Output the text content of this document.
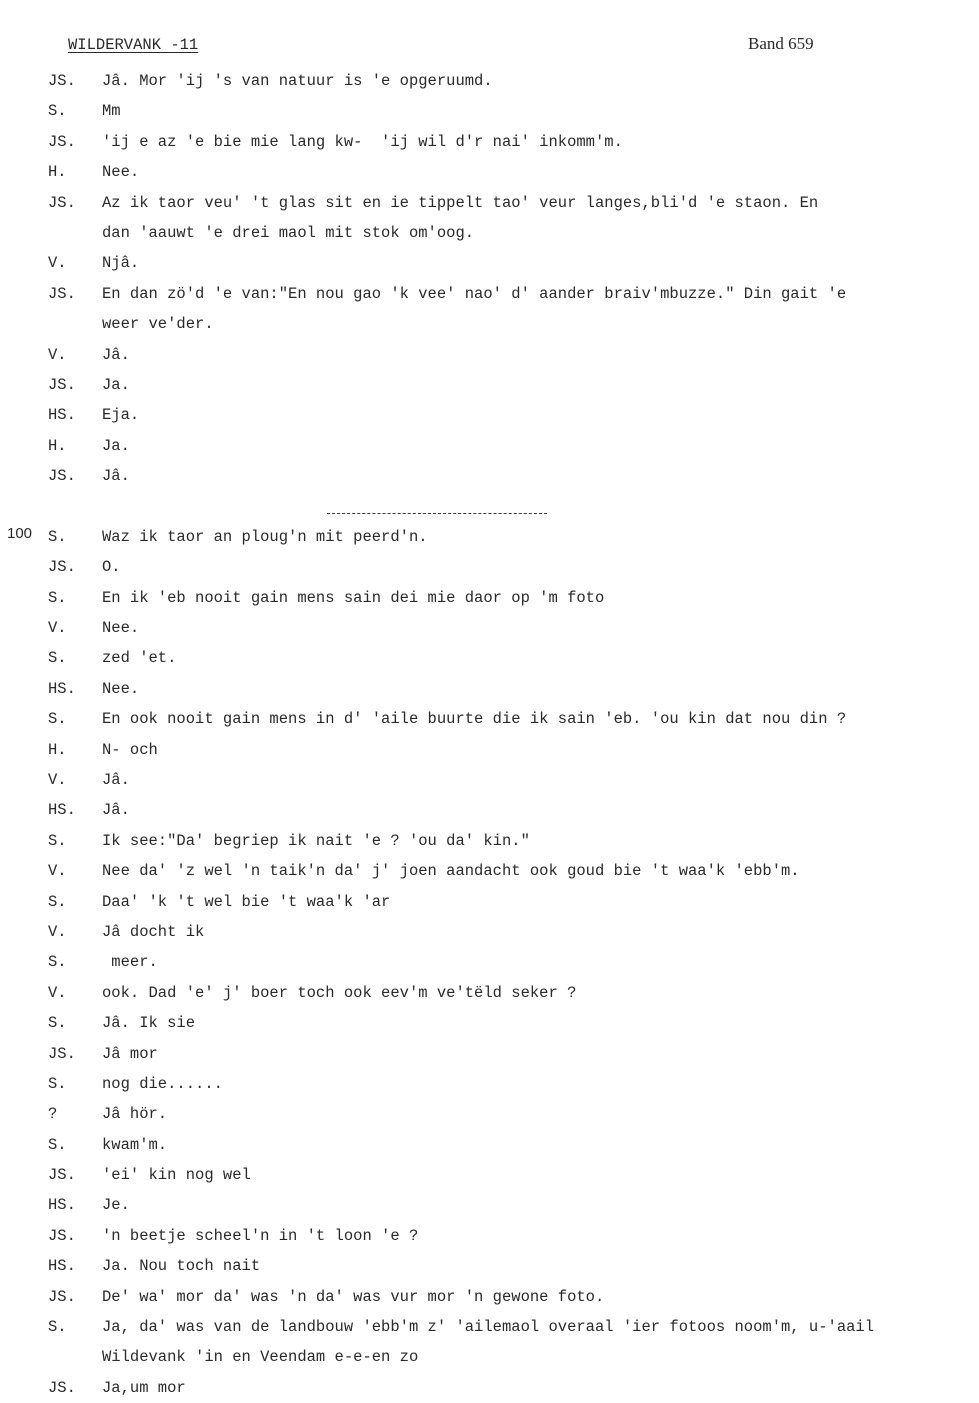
WILDERVANK -11	Band 659
100
JS. Jâ. Mor 'ij 's van natuur is 'e opgeruumd.
S. Mm
JS. 'ij e az 'e bie mie lang kw-  'ij wil d'r nai' inkomm'm.
H. Nee.
JS. Az ik taor veu' 't glas sit en ie tippelt tao' veur langes,bli'd 'e staon. En
dan 'aauwt 'e drei maol mit stok om'oog.
V. Njâ.
JS. En dan zö'd 'e van:"En nou gao 'k vee' nao' d' aander braiv'mbuzze." Din gait 'e
weer ve'der.
V. Jâ.
JS. Ja.
HS. Eja.
H. Ja.
JS. Jâ.
S. Waz ik taor an ploug'n mit peerd'n.
JS. O.
S. En ik 'eb nooit gain mens sain dei mie daor op 'm foto
V. Nee.
S. zed 'et.
HS. Nee.
S. En ook nooit gain mens in d' 'aile buurte die ik sain 'eb. 'ou kin dat nou din ?
H. N- och
V. Jâ.
HS. Jâ.
S. Ik see:"Da' begriep ik nait 'e ? 'ou da' kin."
V. Nee da' 'z wel 'n taik'n da' j' joen aandacht ook goud bie 't waa'k 'ebb'm.
S. Daa' 'k 't wel bie 't waa'k 'ar
V. Jâ docht ik
S. meer.
V. ook. Dad 'e' j' boer toch ook eev'm ve'tëld seker ?
S. Jâ. Ik sie
JS. Jâ mor
S. nog die......
?	Jâ hör.
S. kwam'm.
JS. 'ei' kin nog wel
HS. Je.
JS. 'n beetje scheel'n in 't loon 'e ?
HS. Ja. Nou toch nait
JS. De' wa' mor da' was 'n da' was vur mor 'n gewone foto.
S. Ja, da' was van de landbouw 'ebb'm z' 'ailemaol overaal 'ier fotoos noom'm, u-'aail
Wildevank 'in en Veendam e-e-en zo
JS. Ja,um mor
